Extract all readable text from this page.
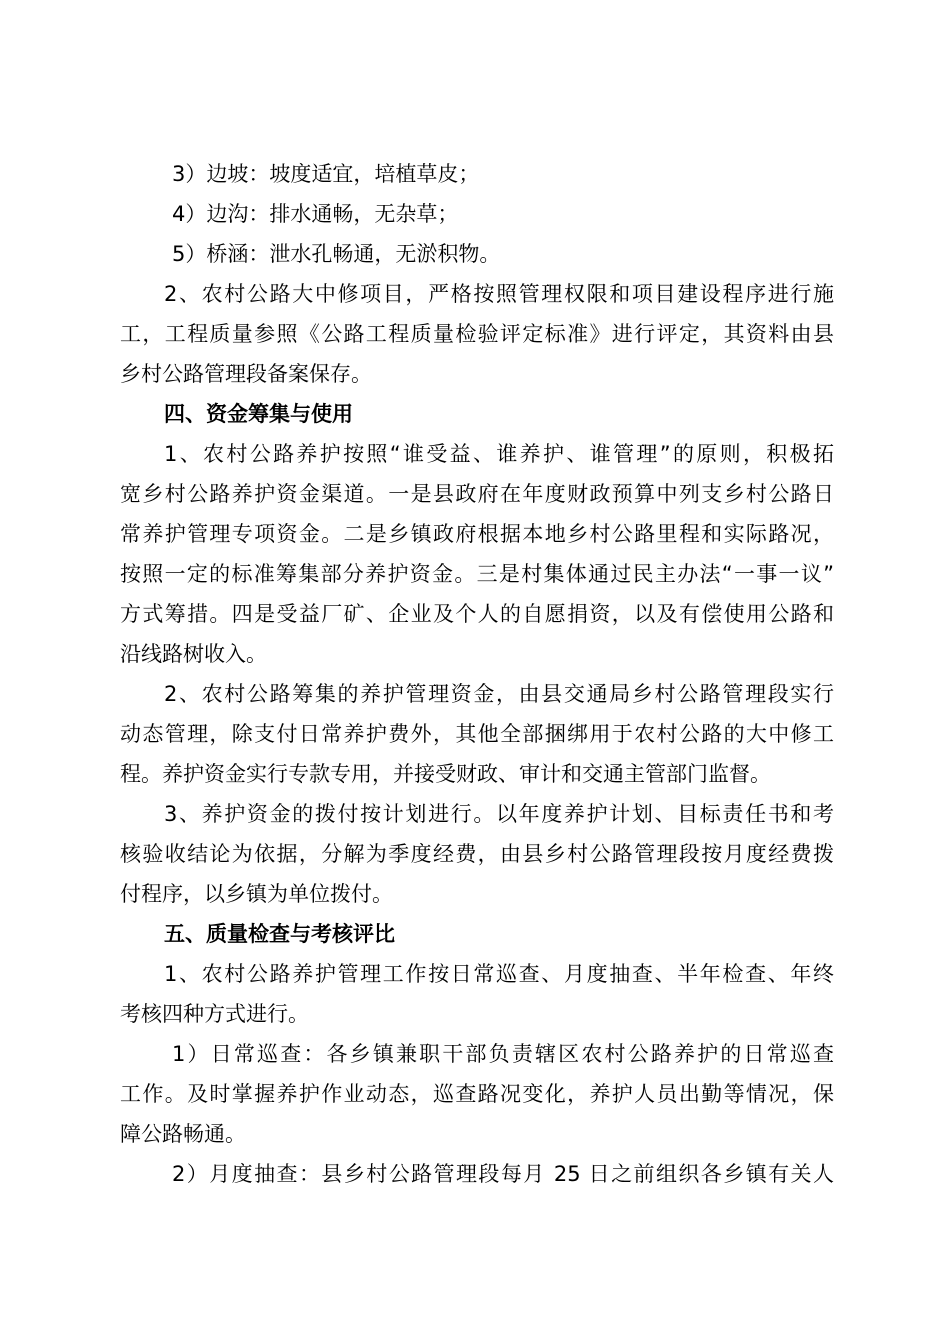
3）边坡：坡度适宜，培植草皮；
4）边沟：排水通畅，无杂草；
5）桥涵：泄水孔畅通，无淤积物。
2、农村公路大中修项目，严格按照管理权限和项目建设程序进行施
工，工程质量参照《公路工程质量检验评定标准》进行评定，其资料由县
乡村公路管理段备案保存。
四、资金筹集与使用
1、农村公路养护按照“谁受益、谁养护、谁管理”的原则，积极拓
宽乡村公路养护资金渠道。一是县政府在年度财政预算中列支乡村公路日
常养护管理专项资金。二是乡镇政府根据本地乡村公路里程和实际路况，
按照一定的标准筹集部分养护资金。三是村集体通过民主办法“一事一议”
方式筹措。四是受益厂矿、企业及个人的自愿捐资，以及有偿使用公路和
沿线路树收入。
2、农村公路筹集的养护管理资金，由县交通局乡村公路管理段实行
动态管理，除支付日常养护费外，其他全部捆绑用于农村公路的大中修工
程。养护资金实行专款专用，并接受财政、审计和交通主管部门监督。
3、养护资金的拨付按计划进行。以年度养护计划、目标责任书和考
核验收结论为依据，分解为季度经费，由县乡村公路管理段按月度经费拨
付程序，以乡镇为单位拨付。
五、质量检查与考核评比
1、农村公路养护管理工作按日常巡查、月度抽查、半年检查、年终
考核四种方式进行。
1）日常巡查：各乡镇兼职干部负责辖区农村公路养护的日常巡查
工作。及时掌握养护作业动态，巡查路况变化，养护人员出勤等情况，保
障公路畅通。
2）月度抽查：县乡村公路管理段每月 25 日之前组织各乡镇有关人
